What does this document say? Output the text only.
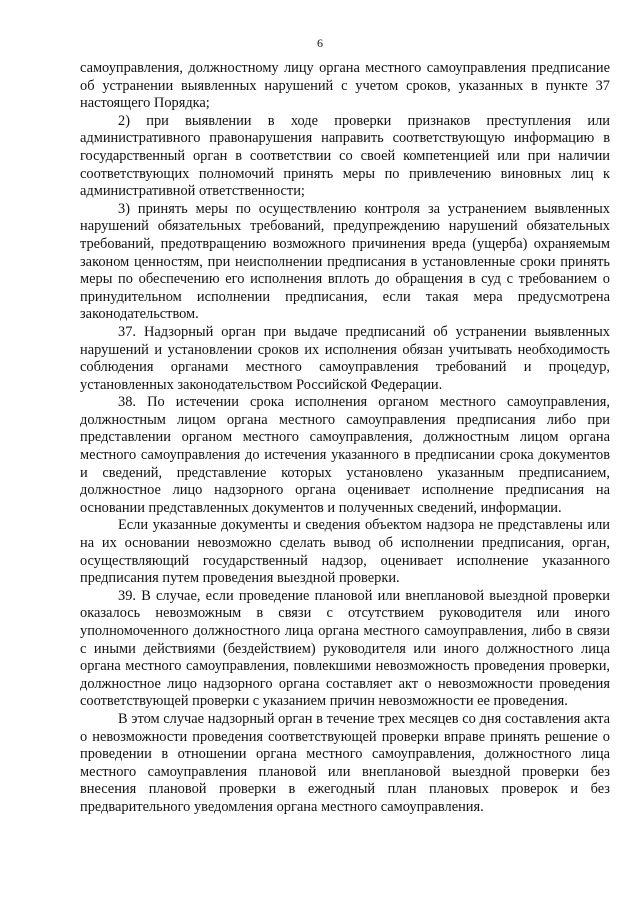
6

самоуправления, должностному лицу органа местного самоуправления предписание об устранении выявленных нарушений с учетом сроков, указанных в пункте 37 настоящего Порядка;

2) при выявлении в ходе проверки признаков преступления или административного правонарушения направить соответствующую информацию в государственный орган в соответствии со своей компетенцией или при наличии соответствующих полномочий принять меры по привлечению виновных лиц к административной ответственности;

3) принять меры по осуществлению контроля за устранением выявленных нарушений обязательных требований, предупреждению нарушений обязательных требований, предотвращению возможного причинения вреда (ущерба) охраняемым законом ценностям, при неисполнении предписания в установленные сроки принять меры по обеспечению его исполнения вплоть до обращения в суд с требованием о принудительном исполнении предписания, если такая мера предусмотрена законодательством.

37. Надзорный орган при выдаче предписаний об устранении выявленных нарушений и установлении сроков их исполнения обязан учитывать необходимость соблюдения органами местного самоуправления требований и процедур, установленных законодательством Российской Федерации.

38. По истечении срока исполнения органом местного самоуправления, должностным лицом органа местного самоуправления предписания либо при представлении органом местного самоуправления, должностным лицом органа местного самоуправления до истечения указанного в предписании срока документов и сведений, представление которых установлено указанным предписанием, должностное лицо надзорного органа оценивает исполнение предписания на основании представленных документов и полученных сведений, информации.

Если указанные документы и сведения объектом надзора не представлены или на их основании невозможно сделать вывод об исполнении предписания, орган, осуществляющий государственный надзор, оценивает исполнение указанного предписания путем проведения выездной проверки.

39. В случае, если проведение плановой или внеплановой выездной проверки оказалось невозможным в связи с отсутствием руководителя или иного уполномоченного должностного лица органа местного самоуправления, либо в связи с иными действиями (бездействием) руководителя или иного должностного лица органа местного самоуправления, повлекшими невозможность проведения проверки, должностное лицо надзорного органа составляет акт о невозможности проведения соответствующей проверки с указанием причин невозможности ее проведения.

В этом случае надзорный орган в течение трех месяцев со дня составления акта о невозможности проведения соответствующей проверки вправе принять решение о проведении в отношении органа местного самоуправления, должностного лица местного самоуправления плановой или внеплановой выездной проверки без внесения плановой проверки в ежегодный план плановых проверок и без предварительного уведомления органа местного самоуправления.
